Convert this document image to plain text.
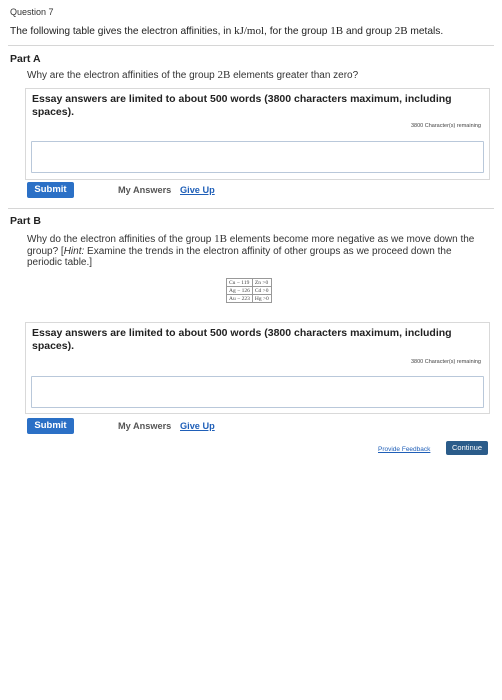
Question 7
The following table gives the electron affinities, in kJ/mol, for the group 1B and group 2B metals.
Part A
Why are the electron affinities of the group 2B elements greater than zero?
Essay answers are limited to about 500 words (3800 characters maximum, including spaces).
3800 Character(s) remaining
Submit	My Answers Give Up
Part B
Why do the electron affinities of the group 1B elements become more negative as we move down the group? [Hint: Examine the trends in the electron affinity of other groups as we proceed down the periodic table.]
Cu − 119	Zn >0
Ag − 126	Cd >0
Au − 223	Hg >0
Essay answers are limited to about 500 words (3800 characters maximum, including spaces).
3800 Character(s) remaining
Submit	My Answers Give Up
Provide Feedback	Continue
